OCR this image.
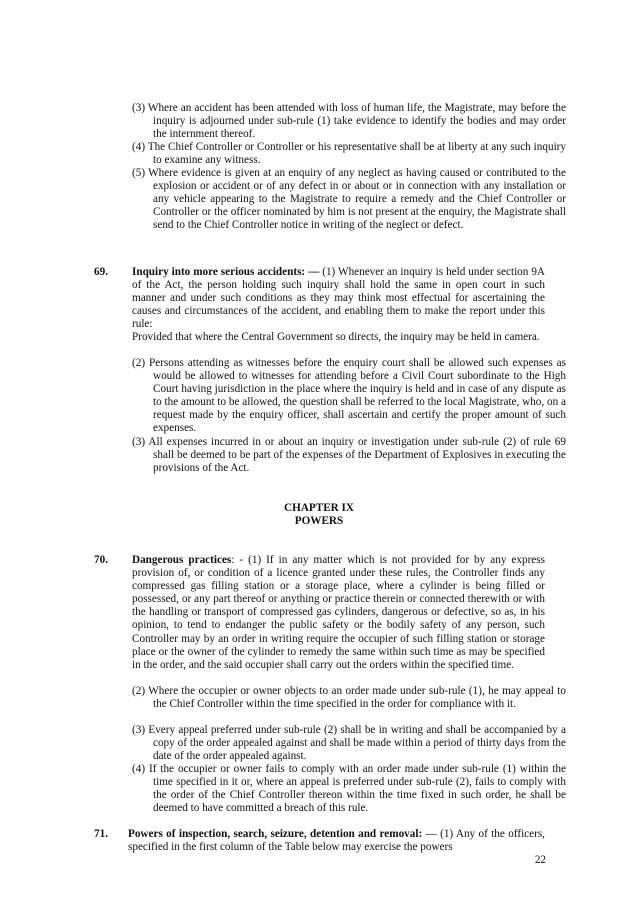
(3) Where an accident has been attended with loss of human life, the Magistrate, may before the inquiry is adjourned under sub-rule (1) take evidence to identify the bodies and may order the internment thereof.
(4) The Chief Controller or Controller or his representative shall be at liberty at any such inquiry to examine any witness.
(5) Where evidence is given at an enquiry of any neglect as having caused or contributed to the explosion or accident or of any defect in or about or in connection with any installation or any vehicle appearing to the Magistrate to require a remedy and the Chief Controller or Controller or the officer nominated by him is not present at the enquiry, the Magistrate shall send to the Chief Controller notice in writing of the neglect or defect.
69. Inquiry into more serious accidents: — (1) Whenever an inquiry is held under section 9A of the Act, the person holding such inquiry shall hold the same in open court in such manner and under such conditions as they may think most effectual for ascertaining the causes and circumstances of the accident, and enabling them to make the report under this rule:
Provided that where the Central Government so directs, the inquiry may be held in camera.
(2) Persons attending as witnesses before the enquiry court shall be allowed such expenses as would be allowed to witnesses for attending before a Civil Court subordinate to the High Court having jurisdiction in the place where the inquiry is held and in case of any dispute as to the amount to be allowed, the question shall be referred to the local Magistrate, who, on a request made by the enquiry officer, shall ascertain and certify the proper amount of such expenses.
(3) All expenses incurred in or about an inquiry or investigation under sub-rule (2) of rule 69 shall be deemed to be part of the expenses of the Department of Explosives in executing the provisions of the Act.
CHAPTER IX
POWERS
70. Dangerous practices: - (1) If in any matter which is not provided for by any express provision of, or condition of a licence granted under these rules, the Controller finds any compressed gas filling station or a storage place, where a cylinder is being filled or possessed, or any part thereof or anything or practice therein or connected therewith or with the handling or transport of compressed gas cylinders, dangerous or defective, so as, in his opinion, to tend to endanger the public safety or the bodily safety of any person, such Controller may by an order in writing require the occupier of such filling station or storage place or the owner of the cylinder to remedy the same within such time as may be specified in the order, and the said occupier shall carry out the orders within the specified time.
(2) Where the occupier or owner objects to an order made under sub-rule (1), he may appeal to the Chief Controller within the time specified in the order for compliance with it.
(3) Every appeal preferred under sub-rule (2) shall be in writing and shall be accompanied by a copy of the order appealed against and shall be made within a period of thirty days from the date of the order appealed against.
(4) If the occupier or owner fails to comply with an order made under sub-rule (1) within the time specified in it or, where an appeal is preferred under sub-rule (2), fails to comply with the order of the Chief Controller thereon within the time fixed in such order, he shall be deemed to have committed a breach of this rule.
71. Powers of inspection, search, seizure, detention and removal: — (1) Any of the officers, specified in the first column of the Table below may exercise the powers
22
